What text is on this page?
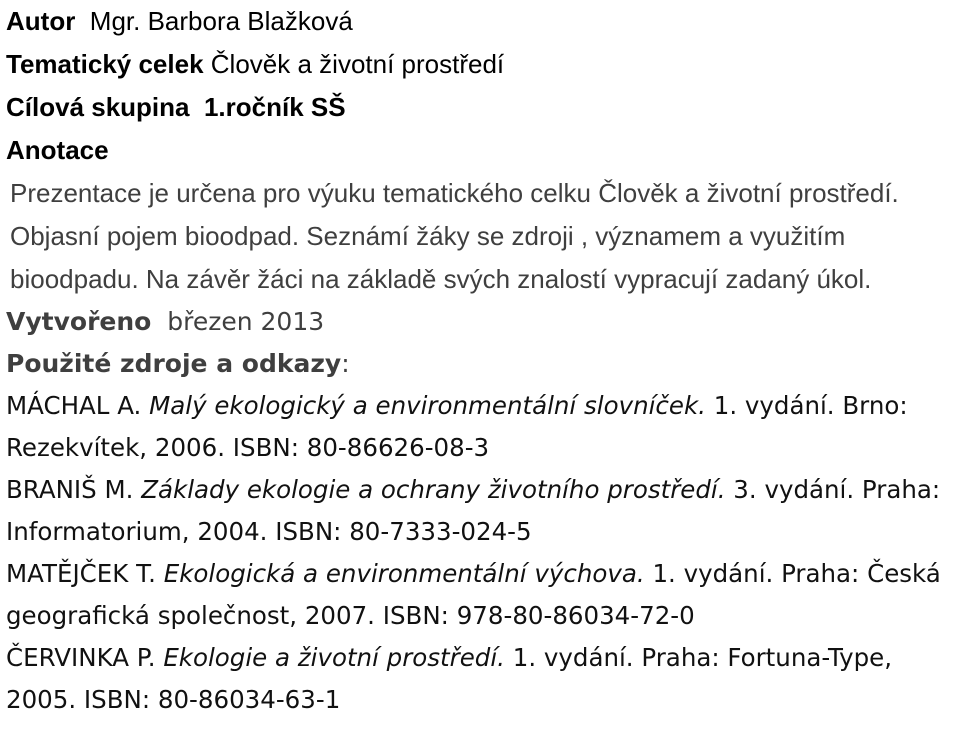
Autor Mgr. Barbora Blažková
Tematický celek Člověk a životní prostředí
Cílová skupina 1.ročník SŠ
Anotace
Prezentace je určena pro výuku tematického celku Člověk a životní prostředí. Objasní pojem bioodpad. Seznámí žáky se zdroji , významem a využitím bioodpadu. Na závěr žáci na základě svých znalostí vypracují zadaný úkol.
Vytvořeno březen 2013
Použité zdroje a odkazy:
MÁCHAL A. Malý ekologický a environmentální slovníček. 1. vydání. Brno: Rezekvítek, 2006. ISBN: 80-86626-08-3
BRANIŠ M. Základy ekologie a ochrany životního prostředí. 3. vydání. Praha: Informatorium, 2004. ISBN: 80-7333-024-5
MATĚJČEK T. Ekologická a environmentální výchova. 1. vydání. Praha: Česká geografická společnost, 2007. ISBN: 978-80-86034-72-0
ČERVINKA P. Ekologie a životní prostředí. 1. vydání. Praha: Fortuna-Type, 2005. ISBN: 80-86034-63-1
